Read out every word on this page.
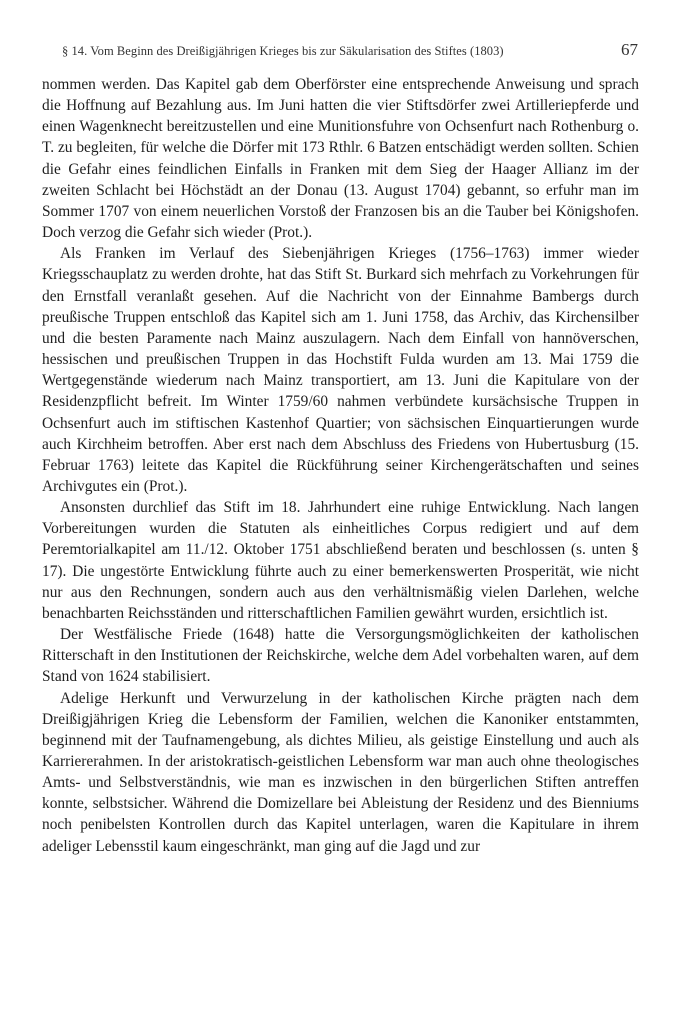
§ 14. Vom Beginn des Dreißigjährigen Krieges bis zur Säkularisation des Stiftes (1803)	67

nommen werden. Das Kapitel gab dem Oberförster eine entsprechende Anweisung und sprach die Hoffnung auf Bezahlung aus. Im Juni hatten die vier Stiftsdörfer zwei Artilleriepferde und einen Wagenknecht bereitzustellen und eine Munitionsfuhre von Ochsenfurt nach Rothenburg o. T. zu begleiten, für welche die Dörfer mit 173 Rthlr. 6 Batzen entschädigt werden sollten. Schien die Gefahr eines feindlichen Einfalls in Franken mit dem Sieg der Haager Allianz im der zweiten Schlacht bei Höchstädt an der Donau (13. August 1704) gebannt, so erfuhr man im Sommer 1707 von einem neuerlichen Vorstoß der Franzosen bis an die Tauber bei Königshofen. Doch verzog die Gefahr sich wieder (Prot.).

Als Franken im Verlauf des Siebenjährigen Krieges (1756–1763) immer wieder Kriegsschauplatz zu werden drohte, hat das Stift St. Burkard sich mehrfach zu Vorkehrungen für den Ernstfall veranlaßt gesehen. Auf die Nachricht von der Einnahme Bambergs durch preußische Truppen entschloß das Kapitel sich am 1. Juni 1758, das Archiv, das Kirchensilber und die besten Paramente nach Mainz auszulagern. Nach dem Einfall von hannöverschen, hessischen und preußischen Truppen in das Hochstift Fulda wurden am 13. Mai 1759 die Wertgegenstände wiederum nach Mainz transportiert, am 13. Juni die Kapitulare von der Residenzpflicht befreit. Im Winter 1759/60 nahmen verbündete kursächsische Truppen in Ochsenfurt auch im stiftischen Kastenhof Quartier; von sächsischen Einquartierungen wurde auch Kirchheim betroffen. Aber erst nach dem Abschluss des Friedens von Hubertusburg (15. Februar 1763) leitete das Kapitel die Rückführung seiner Kirchengerätschaften und seines Archivgutes ein (Prot.).

Ansonsten durchlief das Stift im 18. Jahrhundert eine ruhige Entwicklung. Nach langen Vorbereitungen wurden die Statuten als einheitliches Corpus redigiert und auf dem Peremtorialkapitel am 11./12. Oktober 1751 abschließend beraten und beschlossen (s. unten § 17). Die ungestörte Entwicklung führte auch zu einer bemerkenswerten Prosperität, wie nicht nur aus den Rechnungen, sondern auch aus den verhältnismäßig vielen Darlehen, welche benachbarten Reichsständen und ritterschaftlichen Familien gewährt wurden, ersichtlich ist.

Der Westfälische Friede (1648) hatte die Versorgungsmöglichkeiten der katholischen Ritterschaft in den Institutionen der Reichskirche, welche dem Adel vorbehalten waren, auf dem Stand von 1624 stabilisiert.

Adelige Herkunft und Verwurzelung in der katholischen Kirche prägten nach dem Dreißigjährigen Krieg die Lebensform der Familien, welchen die Kanoniker entstammten, beginnend mit der Taufnamengebung, als dichtes Milieu, als geistige Einstellung und auch als Karriererahmen. In der aristokratisch-geistlichen Lebensform war man auch ohne theologisches Amts- und Selbstverständnis, wie man es inzwischen in den bürgerlichen Stiften antreffen konnte, selbstsicher. Während die Domizellare bei Ableistung der Residenz und des Bienniums noch penibelsten Kontrollen durch das Kapitel unterlagen, waren die Kapitulare in ihrem adeliger Lebensstil kaum eingeschränkt, man ging auf die Jagd und zur
